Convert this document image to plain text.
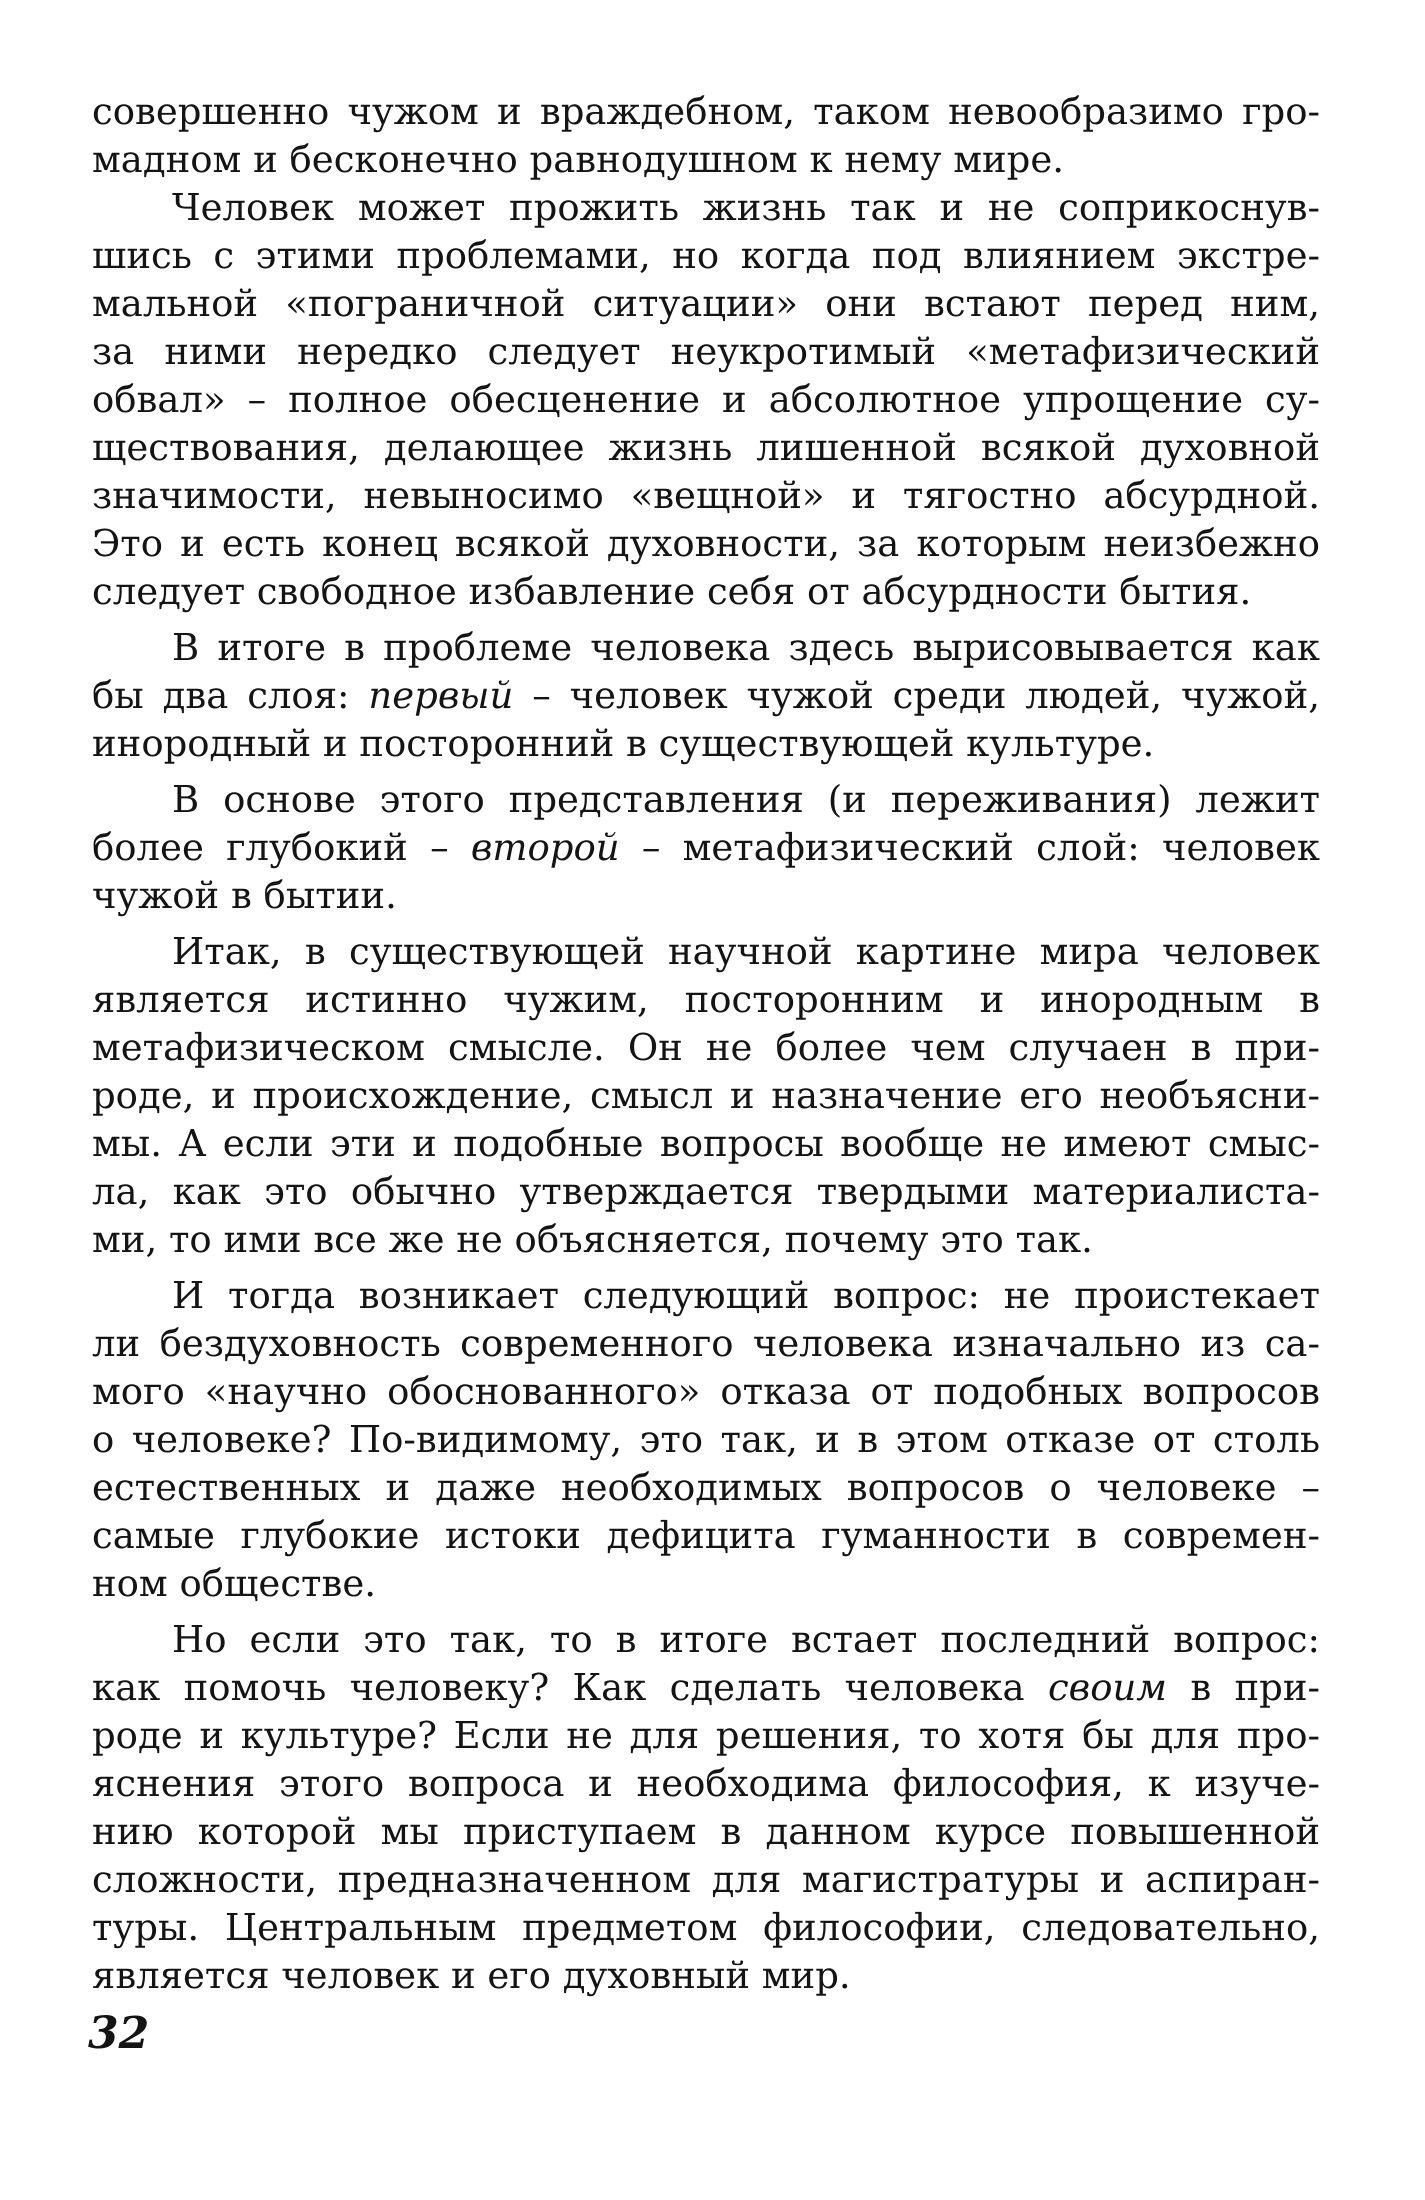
совершенно чужом и враждебном, таком невообразимо гро-
мадном и бесконечно равнодушном к нему мире.
Человек может прожить жизнь так и не соприкоснув-
шись с этими проблемами, но когда под влиянием экстре-
мальной «пограничной ситуации» они встают перед ним,
за ними нередко следует неукротимый «метафизический
обвал» – полное обесценение и абсолютное упрощение су-
ществования, делающее жизнь лишенной всякой духовной
значимости, невыносимо «вещной» и тягостно абсурдной.
Это и есть конец всякой духовности, за которым неизбежно
следует свободное избавление себя от абсурдности бытия.
В итоге в проблеме человека здесь вырисовывается как
бы два слоя: первый – человек чужой среди людей, чужой,
инородный и посторонний в существующей культуре.
В основе этого представления (и переживания) лежит
более глубокий – второй – метафизический слой: человек
чужой в бытии.
Итак, в существующей научной картине мира человек
является истинно чужим, посторонним и инородным в
метафизическом смысле. Он не более чем случаен в при-
роде, и происхождение, смысл и назначение его необъясни-
мы. А если эти и подобные вопросы вообще не имеют смыс-
ла, как это обычно утверждается твердыми материалиста-
ми, то ими все же не объясняется, почему это так.
И тогда возникает следующий вопрос: не проистекает
ли бездуховность современного человека изначально из са-
мого «научно обоснованного» отказа от подобных вопросов
о человеке? По-видимому, это так, и в этом отказе от столь
естественных и даже необходимых вопросов о человеке –
самые глубокие истоки дефицита гуманности в современ-
ном обществе.
Но если это так, то в итоге встает последний вопрос:
как помочь человеку? Как сделать человека своим в при-
роде и культуре? Если не для решения, то хотя бы для про-
яснения этого вопроса и необходима философия, к изуче-
нию которой мы приступаем в данном курсе повышенной
сложности, предназначенном для магистратуры и аспиран-
туры. Центральным предметом философии, следовательно,
является человек и его духовный мир.
32
